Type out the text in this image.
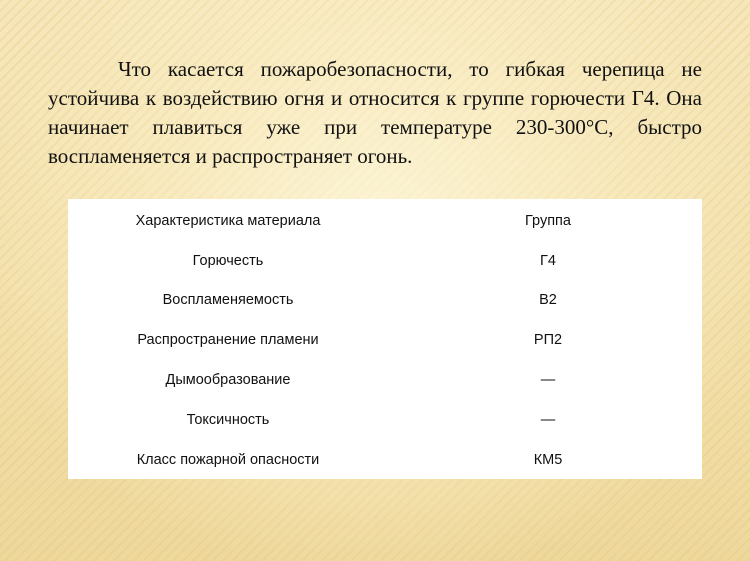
Что касается пожаробезопасности, то гибкая черепица не устойчива к воздействию огня и относится к группе горючести Г4. Она начинает плавиться уже при температуре 230-300°С, быстро воспламеняется и распространяет огонь.

Характеристика материала	Группа
Горючесть	Г4
Воспламеняемость	В2
Распространение пламени	РП2
Дымообразование	—
Токсичность	—
Класс пожарной опасности	КМ5
